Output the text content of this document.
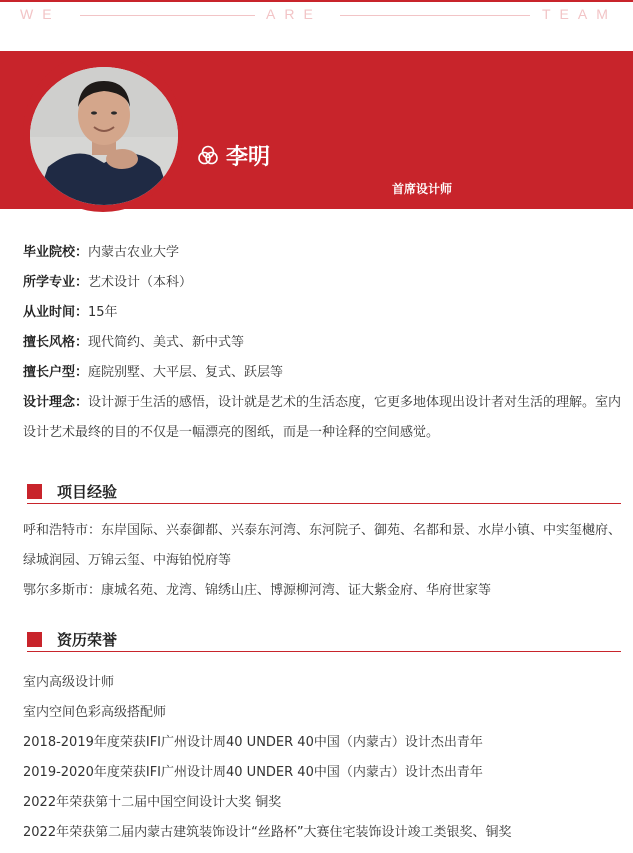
WE	ARE	TEAM
李明
首席设计师

毕业院校：内蒙古农业大学

所学专业：艺术设计（本科）

从业时间：15年

擅长风格：现代简约、美式、新中式等

擅长户型：庭院别墅、大平层、复式、跃层等

设计理念：设计源于生活的感悟，设计就是艺术的生活态度，它更多地体现出设计者对生活的理解。室内设计艺术最终的目的不仅是一幅漂亮的图纸，而是一种诠释的空间感觉。

项目经验

呼和浩特市：东岸国际、兴泰御都、兴泰东河湾、东河院子、御苑、名都和景、水岸小镇、中实玺樾府、绿城润园、万锦云玺、中海铂悦府等

鄂尔多斯市：康城名苑、龙湾、锦绣山庄、博源柳河湾、证大紫金府、华府世家等

资历荣誉

室内高级设计师

室内空间色彩高级搭配师

2018-2019年度荣获IFI广州设计周40 UNDER 40中国（内蒙古）设计杰出青年

2019-2020年度荣获IFI广州设计周40 UNDER 40中国（内蒙古）设计杰出青年

2022年荣获第十二届中国空间设计大奖 铜奖

2022年荣获第二届内蒙古建筑装饰设计“丝路杯”大赛住宅装饰设计竣工类银奖、铜奖
